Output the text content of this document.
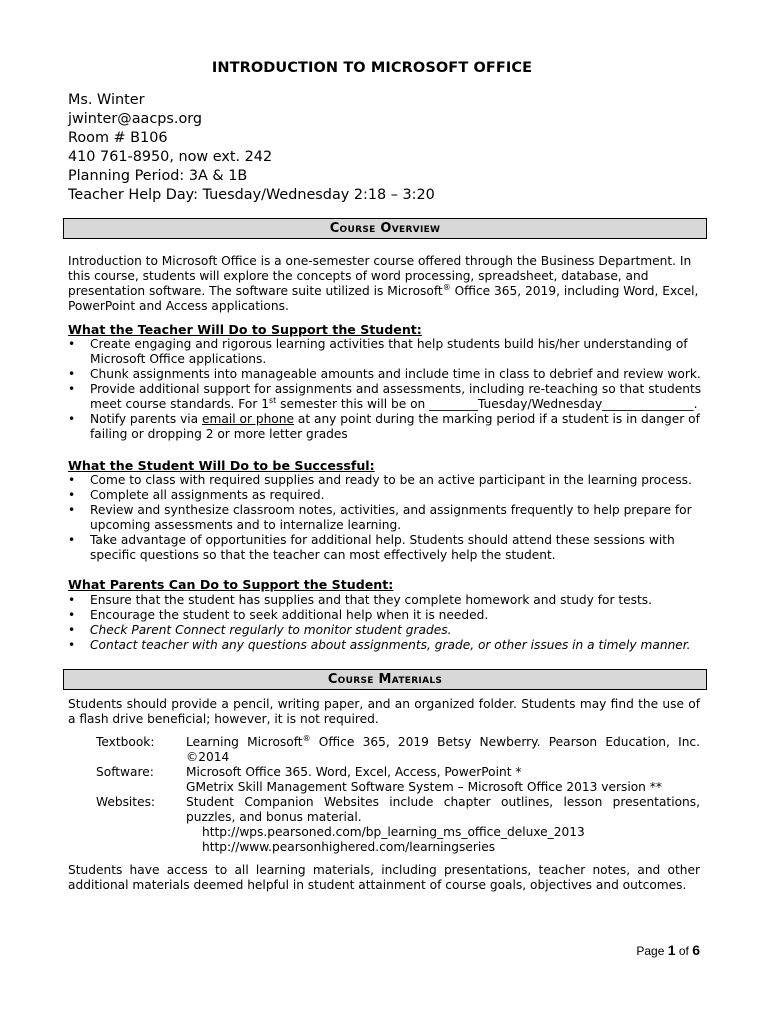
INTRODUCTION TO MICROSOFT OFFICE
Ms. Winter
jwinter@aacps.org
Room # B106
410 761-8950, now ext. 242
Planning Period: 3A & 1B
Teacher Help Day: Tuesday/Wednesday 2:18 – 3:20
Course Overview
Introduction to Microsoft Office is a one-semester course offered through the Business Department. In this course, students will explore the concepts of word processing, spreadsheet, database, and presentation software. The software suite utilized is Microsoft® Office 365, 2019, including Word, Excel, PowerPoint and Access applications.
What the Teacher Will Do to Support the Student:
• Create engaging and rigorous learning activities that help students build his/her understanding of Microsoft Office applications.
• Chunk assignments into manageable amounts and include time in class to debrief and review work.
• Provide additional support for assignments and assessments, including re-teaching so that students meet course standards. For 1st semester this will be on ________Tuesday/Wednesday_______________.
• Notify parents via email or phone at any point during the marking period if a student is in danger of failing or dropping 2 or more letter grades
What the Student Will Do to be Successful:
• Come to class with required supplies and ready to be an active participant in the learning process.
• Complete all assignments as required.
• Review and synthesize classroom notes, activities, and assignments frequently to help prepare for upcoming assessments and to internalize learning.
• Take advantage of opportunities for additional help. Students should attend these sessions with specific questions so that the teacher can most effectively help the student.
What Parents Can Do to Support the Student:
• Ensure that the student has supplies and that they complete homework and study for tests.
• Encourage the student to seek additional help when it is needed.
• Check Parent Connect regularly to monitor student grades.
• Contact teacher with any questions about assignments, grade, or other issues in a timely manner.
Course Materials
Students should provide a pencil, writing paper, and an organized folder. Students may find the use of a flash drive beneficial; however, it is not required.
Textbook:	Learning Microsoft® Office 365, 2019 Betsy Newberry. Pearson Education, Inc. ©2014
Software:	Microsoft Office 365. Word, Excel, Access, PowerPoint *
GMetrix Skill Management Software System – Microsoft Office 2013 version **
Websites:	Student Companion Websites include chapter outlines, lesson presentations, puzzles, and bonus material.
http://wps.pearsoned.com/bp_learning_ms_office_deluxe_2013
http://www.pearsonhighered.com/learningseries
Students have access to all learning materials, including presentations, teacher notes, and other additional materials deemed helpful in student attainment of course goals, objectives and outcomes.
Page 1 of 6
